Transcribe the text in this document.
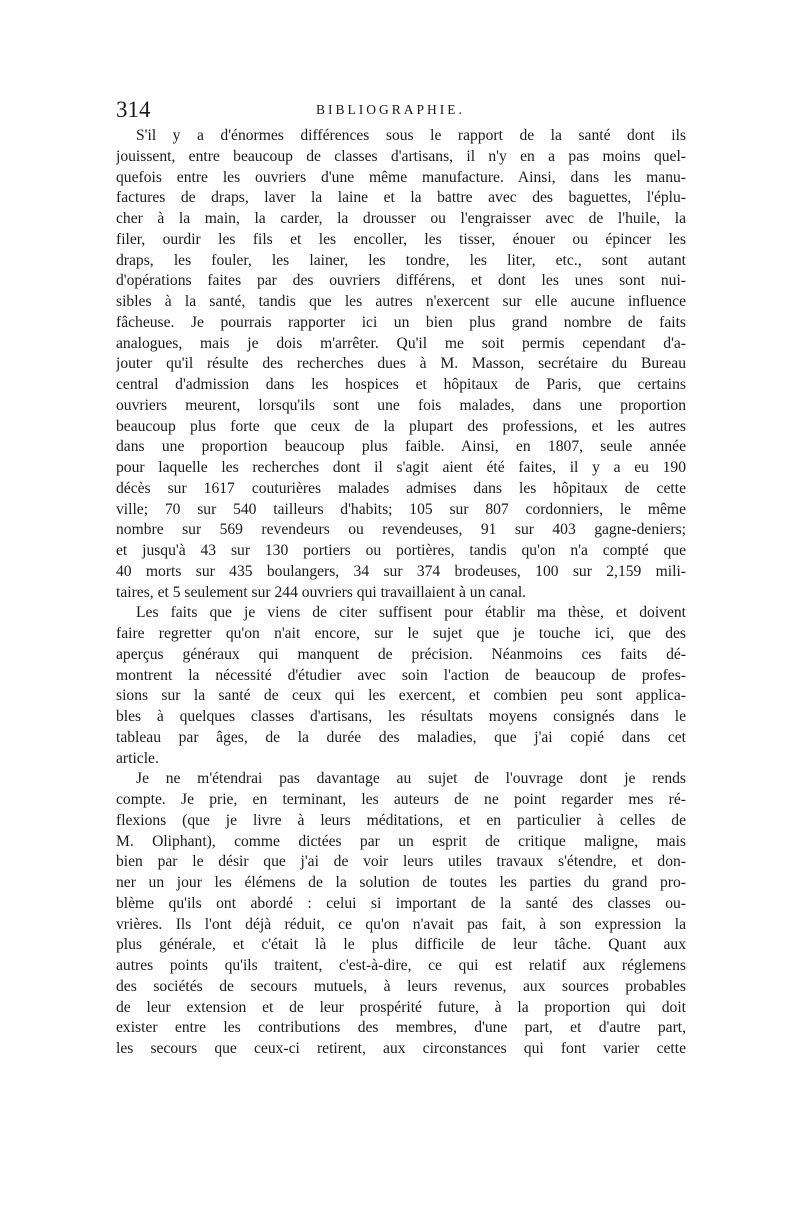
314	BIBLIOGRAPHIE.
S'il y a d'énormes différences sous le rapport de la santé dont ils
jouissent, entre beaucoup de classes d'artisans, il n'y en a pas moins quel-
quefois entre les ouvriers d'une même manufacture. Ainsi, dans les manu-
factures de draps, laver la laine et la battre avec des baguettes, l'éplu-
cher à la main, la carder, la drousser ou l'engraisser avec de l'huile, la
filer, ourdir les fils et les encoller, les tisser, énouer ou épincer les
draps, les fouler, les lainer, les tondre, les liter, etc., sont autant
d'opérations faites par des ouvriers différens, et dont les unes sont nui-
sibles à la santé, tandis que les autres n'exercent sur elle aucune influence
fâcheuse. Je pourrais rapporter ici un bien plus grand nombre de faits
analogues, mais je dois m'arrêter. Qu'il me soit permis cependant d'a-
jouter qu'il résulte des recherches dues à M. Masson, secrétaire du Bureau
central d'admission dans les hospices et hôpitaux de Paris, que certains
ouvriers meurent, lorsqu'ils sont une fois malades, dans une proportion
beaucoup plus forte que ceux de la plupart des professions, et les autres
dans une proportion beaucoup plus faible. Ainsi, en 1807, seule année
pour laquelle les recherches dont il s'agit aient été faites, il y a eu 190
décès sur 1617 couturières malades admises dans les hôpitaux de cette
ville; 70 sur 540 tailleurs d'habits; 105 sur 807 cordonniers, le même
nombre sur 569 revendeurs ou revendeuses, 91 sur 403 gagne-deniers;
et jusqu'à 43 sur 130 portiers ou portières, tandis qu'on n'a compté que
40 morts sur 435 boulangers, 34 sur 374 brodeuses, 100 sur 2,159 mili-
taires, et 5 seulement sur 244 ouvriers qui travaillaient à un canal.
Les faits que je viens de citer suffisent pour établir ma thèse, et doivent
faire regretter qu'on n'ait encore, sur le sujet que je touche ici, que des
aperçus généraux qui manquent de précision. Néanmoins ces faits dé-
montrent la nécessité d'étudier avec soin l'action de beaucoup de profes-
sions sur la santé de ceux qui les exercent, et combien peu sont applica-
bles à quelques classes d'artisans, les résultats moyens consignés dans le
tableau par âges, de la durée des maladies, que j'ai copié dans cet
article.
Je ne m'étendrai pas davantage au sujet de l'ouvrage dont je rends
compte. Je prie, en terminant, les auteurs de ne point regarder mes ré-
flexions (que je livre à leurs méditations, et en particulier à celles de
M. Oliphant), comme dictées par un esprit de critique maligne, mais
bien par le désir que j'ai de voir leurs utiles travaux s'étendre, et don-
ner un jour les élémens de la solution de toutes les parties du grand pro-
blème qu'ils ont abordé : celui si important de la santé des classes ou-
vrières. Ils l'ont déjà réduit, ce qu'on n'avait pas fait, à son expression la
plus générale, et c'était là le plus difficile de leur tâche. Quant aux
autres points qu'ils traitent, c'est-à-dire, ce qui est relatif aux réglemens
des sociétés de secours mutuels, à leurs revenus, aux sources probables
de leur extension et de leur prospérité future, à la proportion qui doit
exister entre les contributions des membres, d'une part, et d'autre part,
les secours que ceux-ci retirent, aux circonstances qui font varier cette
